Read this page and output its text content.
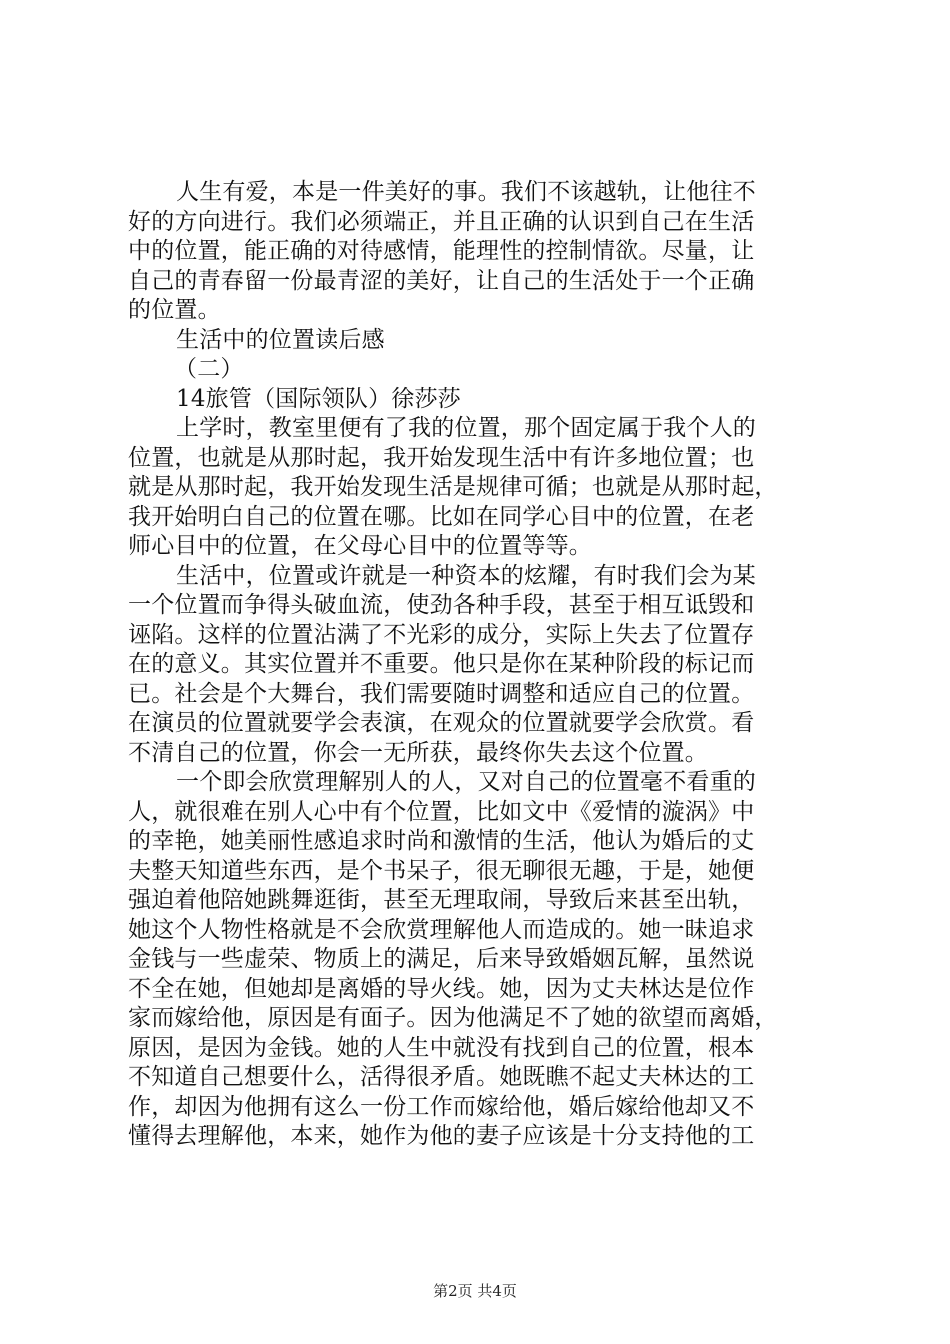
人生有爱，本是一件美好的事。我们不该越轨，让他往不
好的方向进行。我们必须端正，并且正确的认识到自己在生活
中的位置，能正确的对待感情，能理性的控制情欲。尽量，让
自己的青春留一份最青涩的美好，让自己的生活处于一个正确
的位置。
生活中的位置读后感
（二）
14旅管（国际领队）徐莎莎
上学时，教室里便有了我的位置，那个固定属于我个人的
位置，也就是从那时起，我开始发现生活中有许多地位置；也
就是从那时起，我开始发现生活是规律可循；也就是从那时起，
我开始明白自己的位置在哪。比如在同学心目中的位置，在老
师心目中的位置，在父母心目中的位置等等。
生活中，位置或许就是一种资本的炫耀，有时我们会为某
一个位置而争得头破血流，使劲各种手段，甚至于相互诋毁和
诬陷。这样的位置沾满了不光彩的成分，实际上失去了位置存
在的意义。其实位置并不重要。他只是你在某种阶段的标记而
已。社会是个大舞台，我们需要随时调整和适应自己的位置。
在演员的位置就要学会表演，在观众的位置就要学会欣赏。看
不清自己的位置，你会一无所获，最终你失去这个位置。
一个即会欣赏理解别人的人，又对自己的位置毫不看重的
人，就很难在别人心中有个位置，比如文中《爱情的漩涡》中
的幸艳，她美丽性感追求时尚和激情的生活，他认为婚后的丈
夫整天知道些东西，是个书呆子，很无聊很无趣，于是，她便
强迫着他陪她跳舞逛街，甚至无理取闹，导致后来甚至出轨，
她这个人物性格就是不会欣赏理解他人而造成的。她一昧追求
金钱与一些虚荣、物质上的满足，后来导致婚姻瓦解，虽然说
不全在她，但她却是离婚的导火线。她，因为丈夫林达是位作
家而嫁给他，原因是有面子。因为他满足不了她的欲望而离婚，
原因，是因为金钱。她的人生中就没有找到自己的位置，根本
不知道自己想要什么，活得很矛盾。她既瞧不起丈夫林达的工
作，却因为他拥有这么一份工作而嫁给他，婚后嫁给他却又不
懂得去理解他，本来，她作为他的妻子应该是十分支持他的工
第2页 共4页
